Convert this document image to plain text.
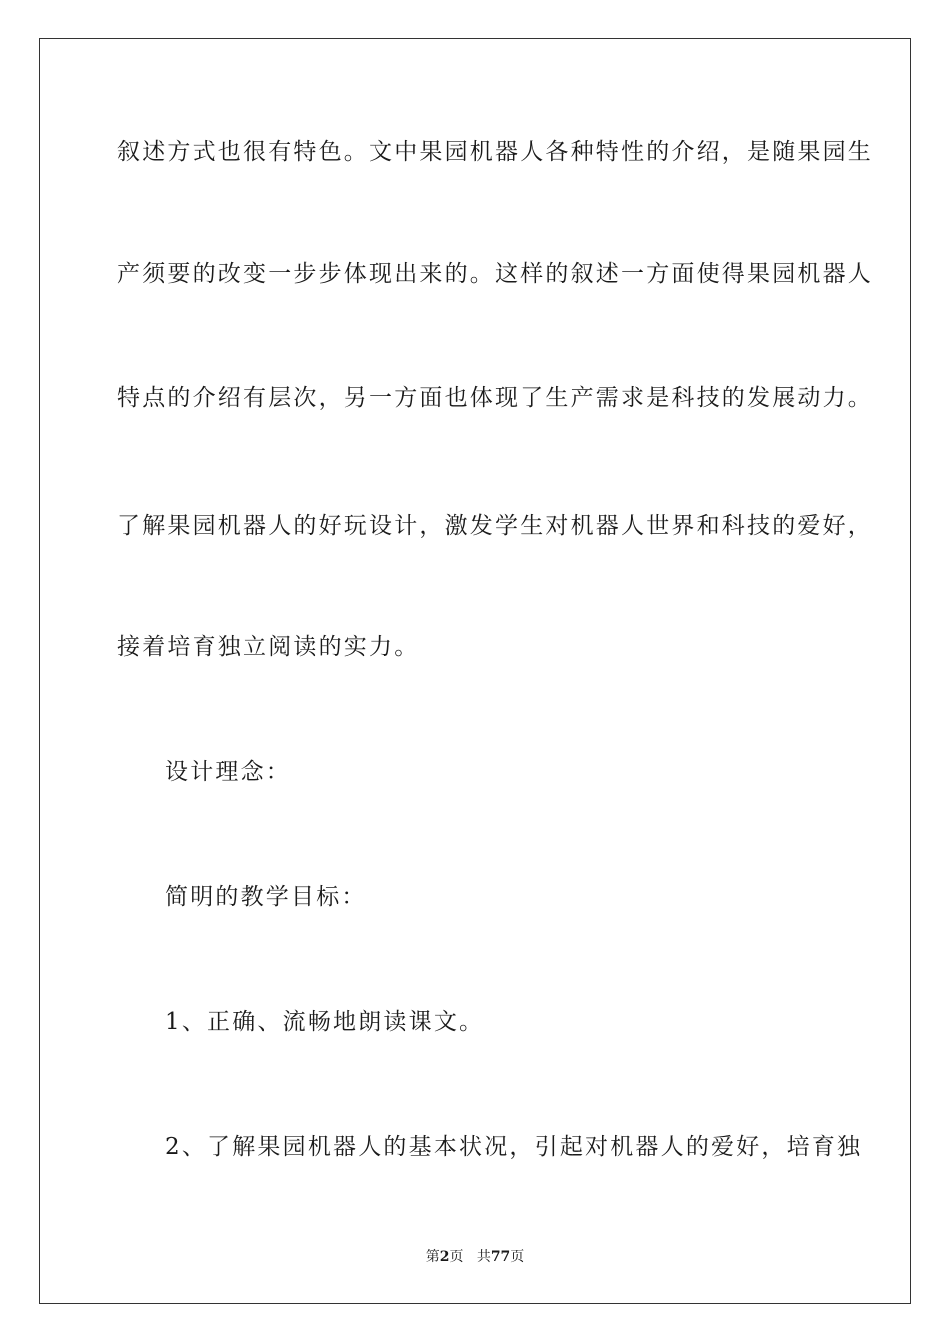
叙述方式也很有特色。文中果园机器人各种特性的介绍，是随果园生
产须要的改变一步步体现出来的。这样的叙述一方面使得果园机器人
特点的介绍有层次，另一方面也体现了生产需求是科技的发展动力。
了解果园机器人的好玩设计，激发学生对机器人世界和科技的爱好，
接着培育独立阅读的实力。
设计理念：
简明的教学目标：
1、正确、流畅地朗读课文。
2、了解果园机器人的基本状况，引起对机器人的爱好，培育独
第2页 共77页
